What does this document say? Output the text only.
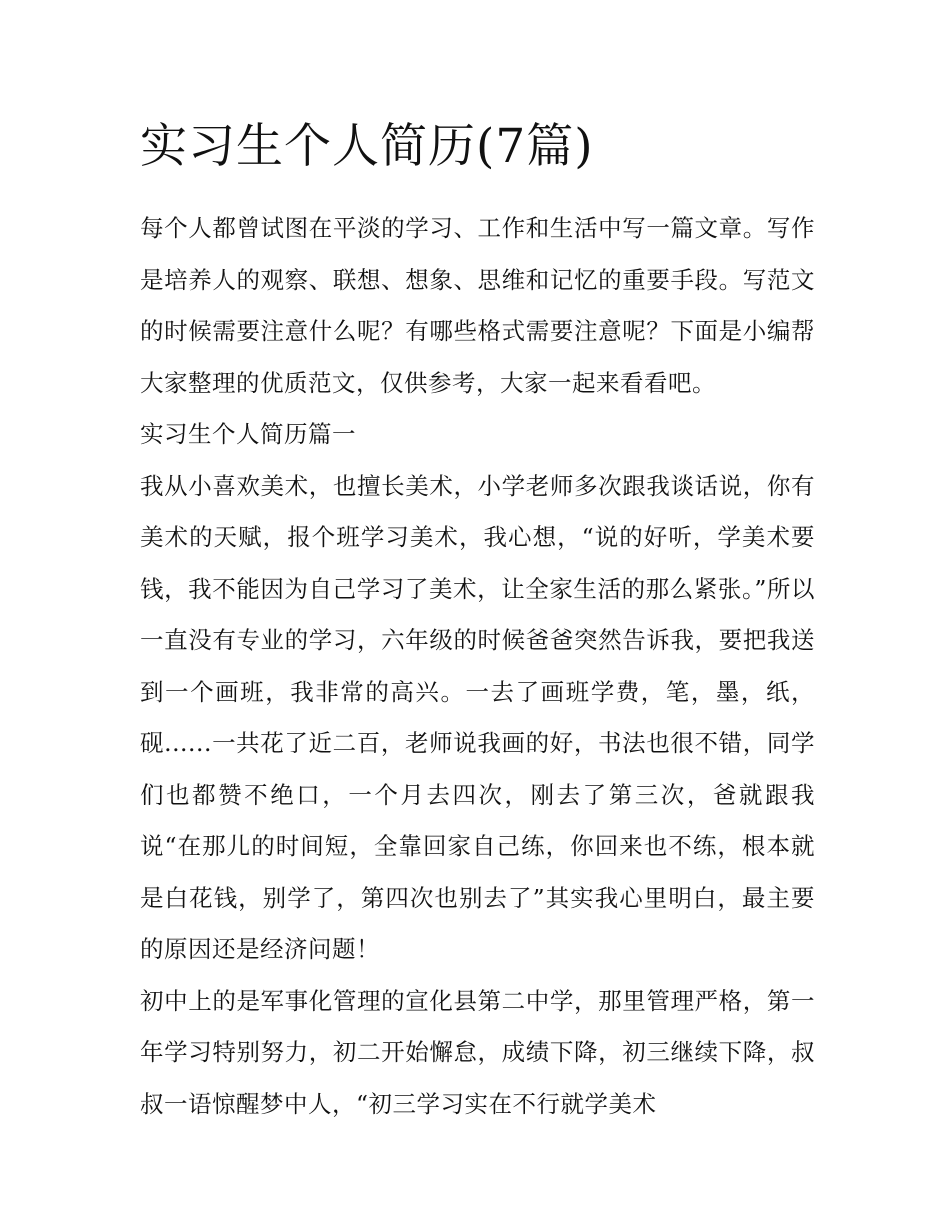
实习生个人简历(7篇)

每个人都曾试图在平淡的学习、工作和生活中写一篇文章。写作是培养人的观察、联想、想象、思维和记忆的重要手段。写范文的时候需要注意什么呢？有哪些格式需要注意呢？下面是小编帮大家整理的优质范文，仅供参考，大家一起来看看吧。

实习生个人简历篇一

我从小喜欢美术，也擅长美术，小学老师多次跟我谈话说，你有美术的天赋，报个班学习美术，我心想，“说的好听，学美术要钱，我不能因为自己学习了美术，让全家生活的那么紧张。”所以一直没有专业的学习，六年级的时候爸爸突然告诉我，要把我送到一个画班，我非常的高兴。一去了画班学费，笔，墨，纸，砚......一共花了近二百，老师说我画的好，书法也很不错，同学们也都赞不绝口，一个月去四次，刚去了第三次，爸就跟我说“在那儿的时间短，全靠回家自己练，你回来也不练，根本就是白花钱，别学了，第四次也别去了”其实我心里明白，最主要的原因还是经济问题！

初中上的是军事化管理的宣化县第二中学，那里管理严格，第一年学习特别努力，初二开始懈怠，成绩下降，初三继续下降，叔叔一语惊醒梦中人，“初三学习实在不行就学美术
